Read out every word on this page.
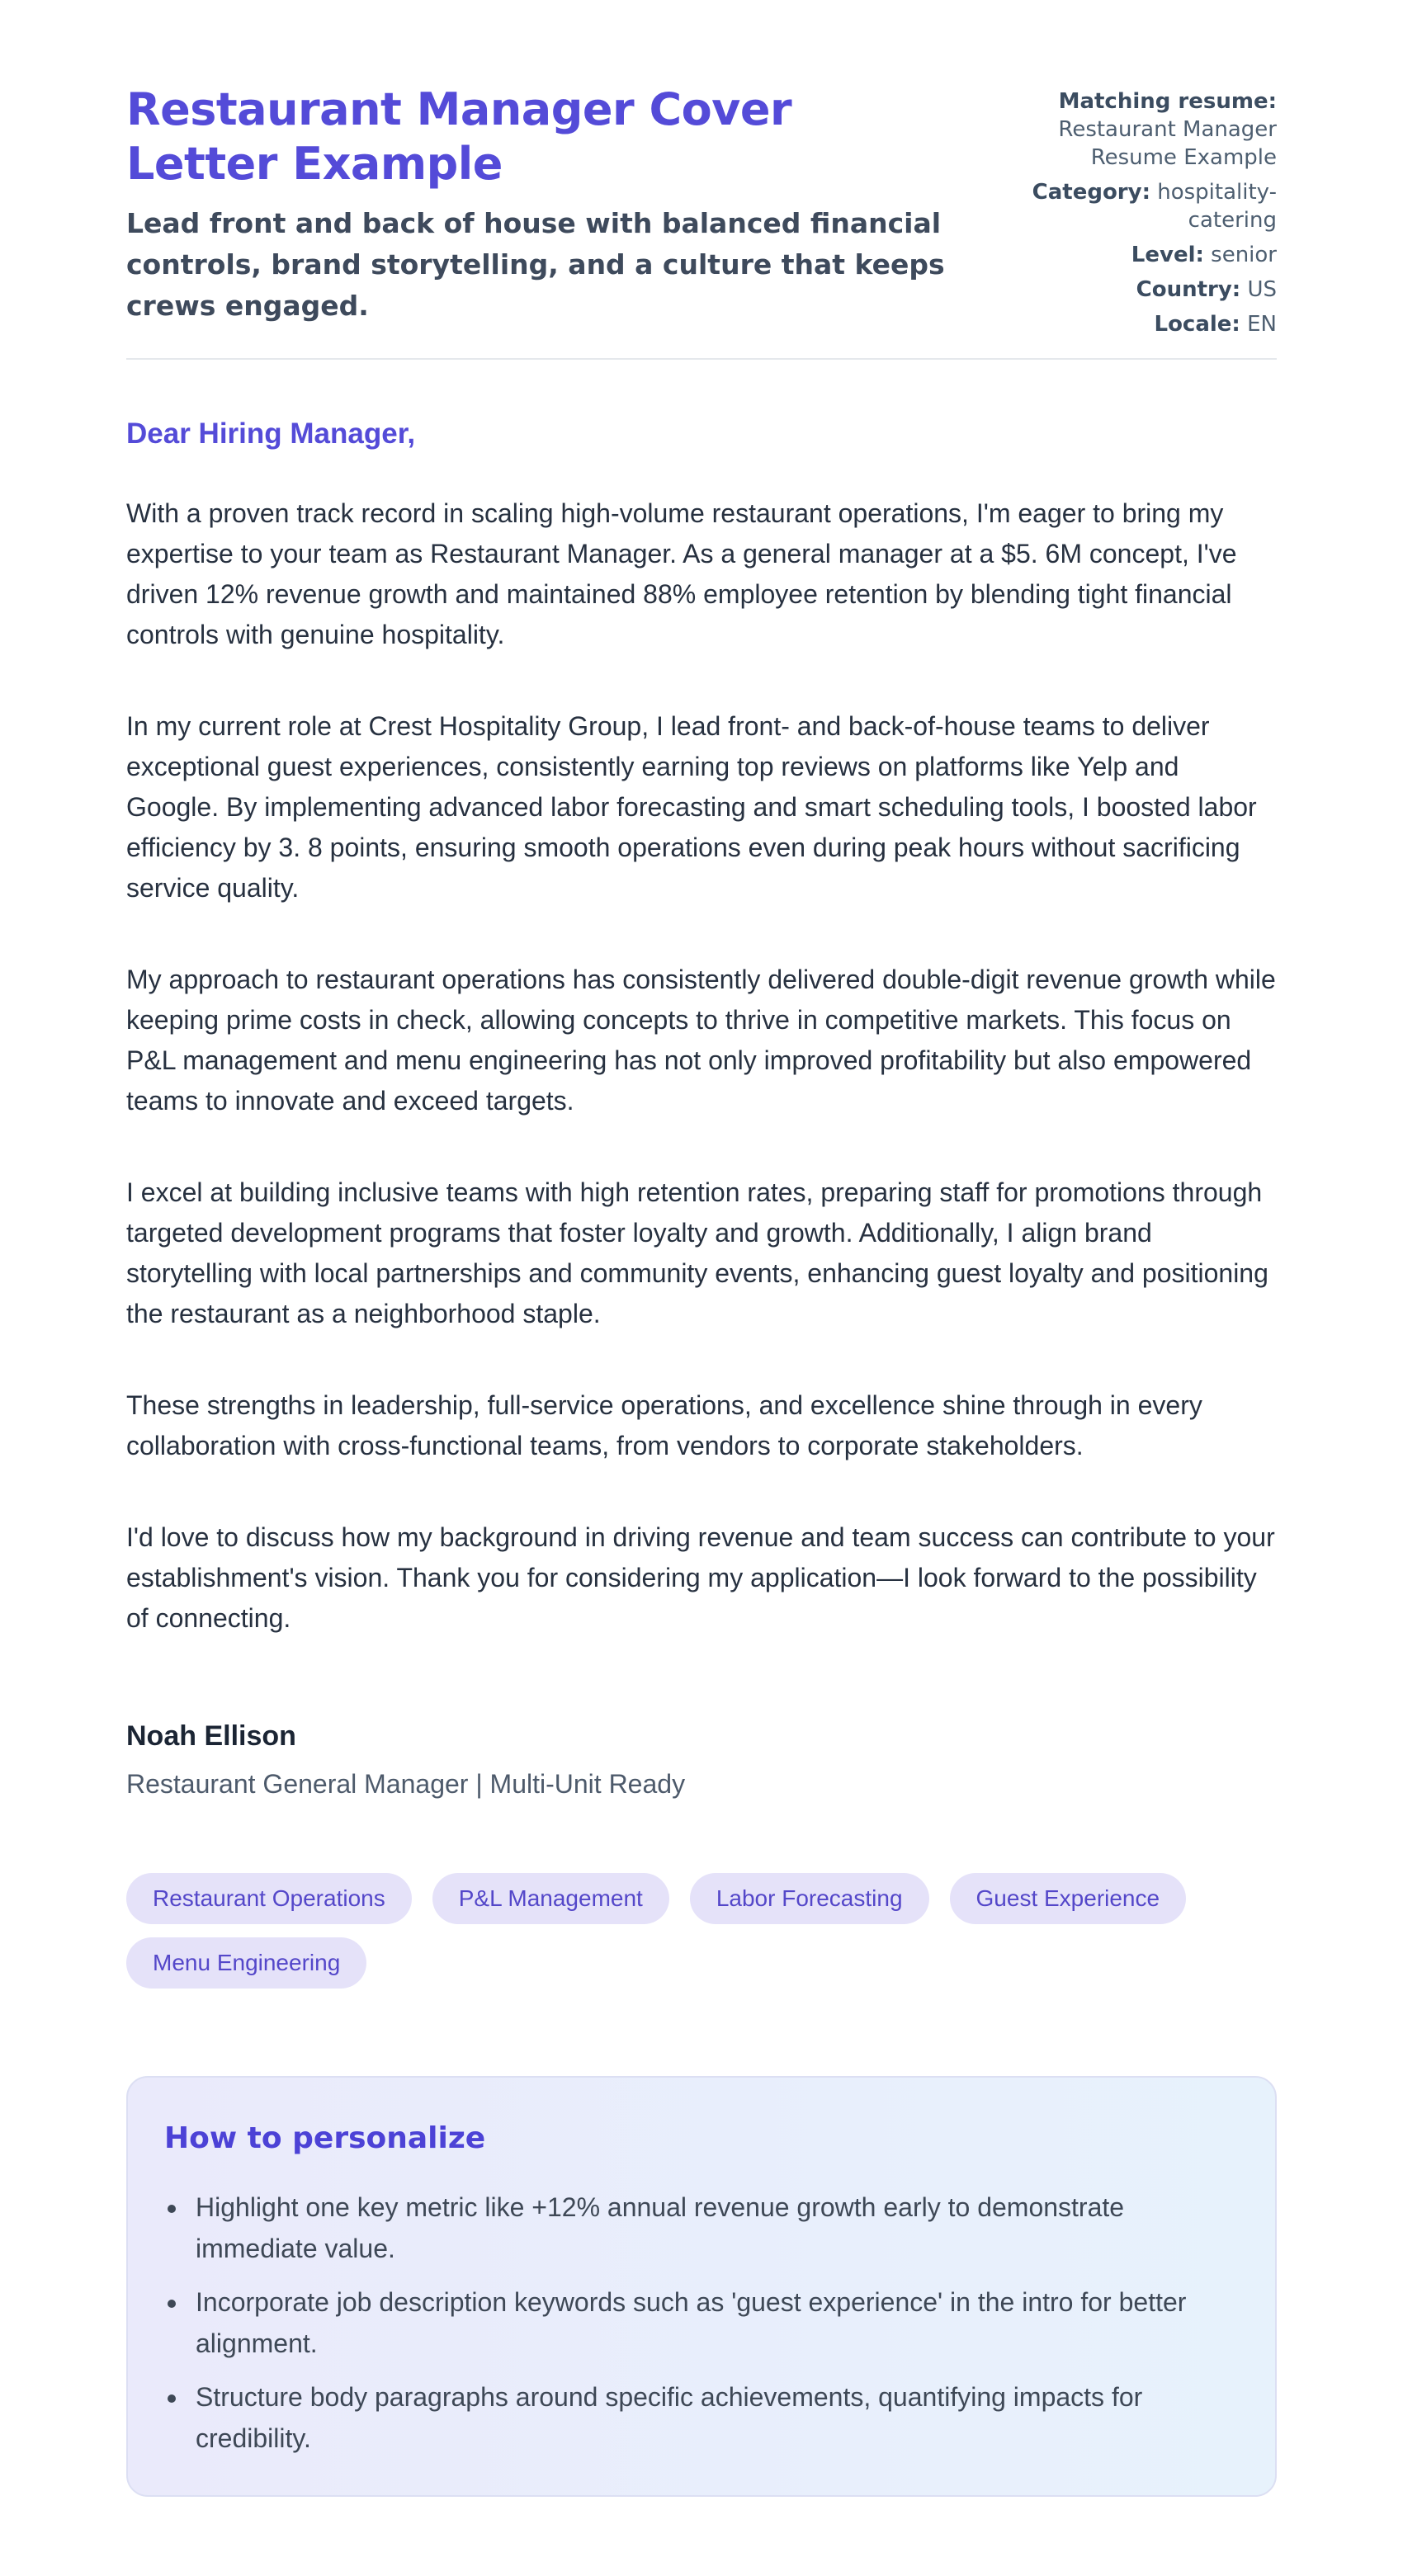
Restaurant Manager Cover Letter Example
Lead front and back of house with balanced financial controls, brand storytelling, and a culture that keeps crews engaged.
Matching resume: Restaurant Manager Resume Example
Category: hospitality-catering
Level: senior
Country: US
Locale: EN
Dear Hiring Manager,

With a proven track record in scaling high-volume restaurant operations, I'm eager to bring my expertise to your team as Restaurant Manager. As a general manager at a $5. 6M concept, I've driven 12% revenue growth and maintained 88% employee retention by blending tight financial controls with genuine hospitality.

In my current role at Crest Hospitality Group, I lead front- and back-of-house teams to deliver exceptional guest experiences, consistently earning top reviews on platforms like Yelp and Google. By implementing advanced labor forecasting and smart scheduling tools, I boosted labor efficiency by 3. 8 points, ensuring smooth operations even during peak hours without sacrificing service quality.

My approach to restaurant operations has consistently delivered double-digit revenue growth while keeping prime costs in check, allowing concepts to thrive in competitive markets. This focus on P&L management and menu engineering has not only improved profitability but also empowered teams to innovate and exceed targets.

I excel at building inclusive teams with high retention rates, preparing staff for promotions through targeted development programs that foster loyalty and growth. Additionally, I align brand storytelling with local partnerships and community events, enhancing guest loyalty and positioning the restaurant as a neighborhood staple.

These strengths in leadership, full-service operations, and excellence shine through in every collaboration with cross-functional teams, from vendors to corporate stakeholders.

I'd love to discuss how my background in driving revenue and team success can contribute to your establishment's vision. Thank you for considering my application—I look forward to the possibility of connecting.

Noah Ellison
Restaurant General Manager | Multi-Unit Ready
Restaurant Operations	P&L Management	Labor Forecasting	Guest Experience
Menu Engineering
How to personalize
• Highlight one key metric like +12% annual revenue growth early to demonstrate immediate value.
• Incorporate job description keywords such as 'guest experience' in the intro for better alignment.
• Structure body paragraphs around specific achievements, quantifying impacts for credibility.
